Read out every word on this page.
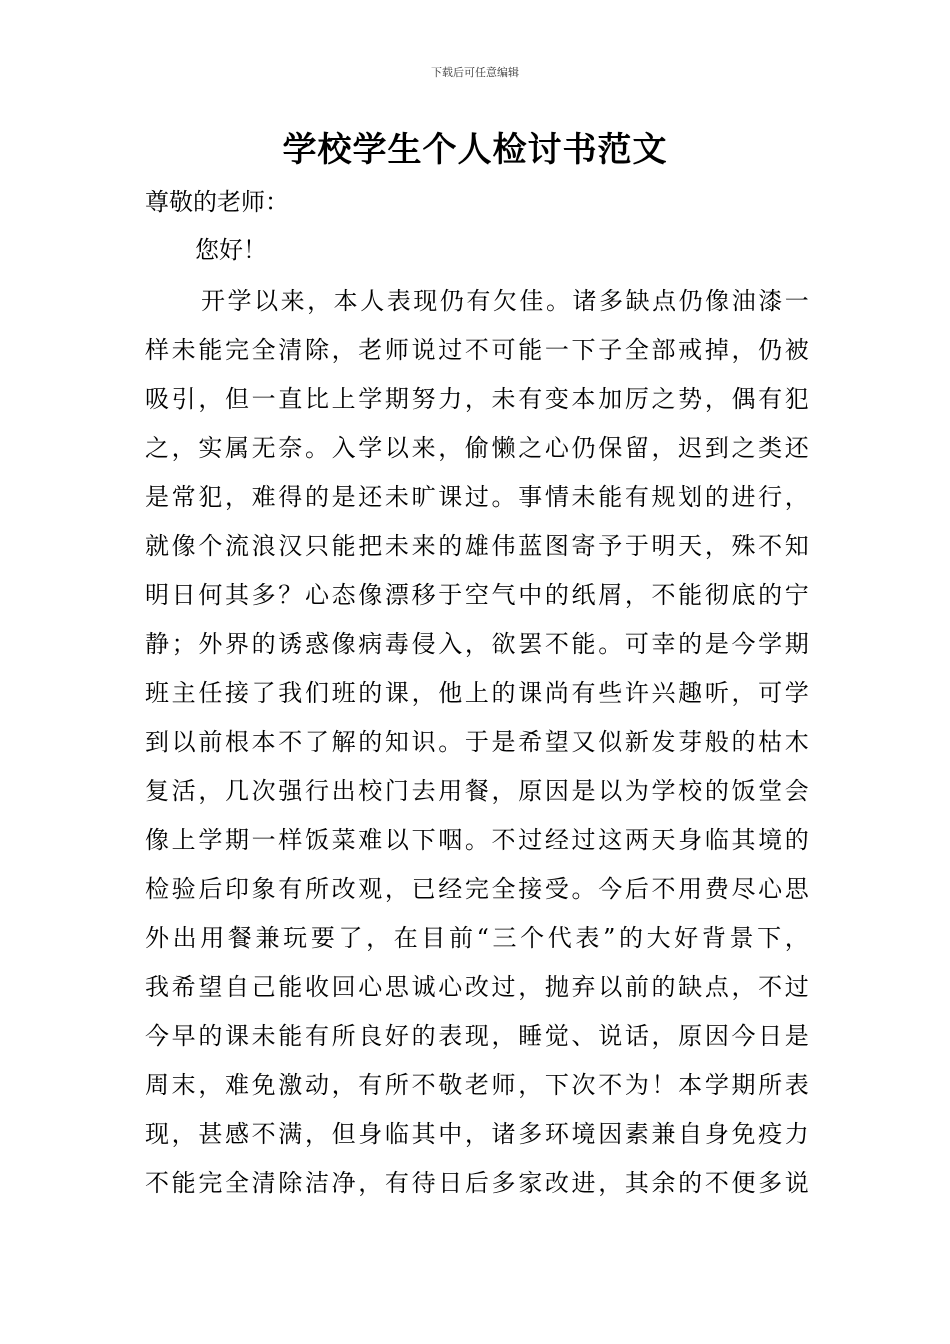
下载后可任意编辑
学校学生个人检讨书范文
尊敬的老师：
您好！
开学以来，本人表现仍有欠佳。诸多缺点仍像油漆一
样未能完全清除，老师说过不可能一下子全部戒掉，仍被
吸引，但一直比上学期努力，未有变本加厉之势，偶有犯
之，实属无奈。入学以来，偷懒之心仍保留，迟到之类还
是常犯，难得的是还未旷课过。事情未能有规划的进行，
就像个流浪汉只能把未来的雄伟蓝图寄予于明天，殊不知
明日何其多？心态像漂移于空气中的纸屑，不能彻底的宁
静；外界的诱惑像病毒侵入，欲罢不能。可幸的是今学期
班主任接了我们班的课，他上的课尚有些许兴趣听，可学
到以前根本不了解的知识。于是希望又似新发芽般的枯木
复活，几次强行出校门去用餐，原因是以为学校的饭堂会
像上学期一样饭菜难以下咽。不过经过这两天身临其境的
检验后印象有所改观，已经完全接受。今后不用费尽心思
外出用餐兼玩要了，在目前“三个代表”的大好背景下，
我希望自己能收回心思诚心改过，抛弃以前的缺点，不过
今早的课未能有所良好的表现，睡觉、说话，原因今日是
周末，难免激动，有所不敬老师，下次不为！本学期所表
现，甚感不满，但身临其中，诸多环境因素兼自身免疫力
不能完全清除洁净，有待日后多家改进，其余的不便多说
